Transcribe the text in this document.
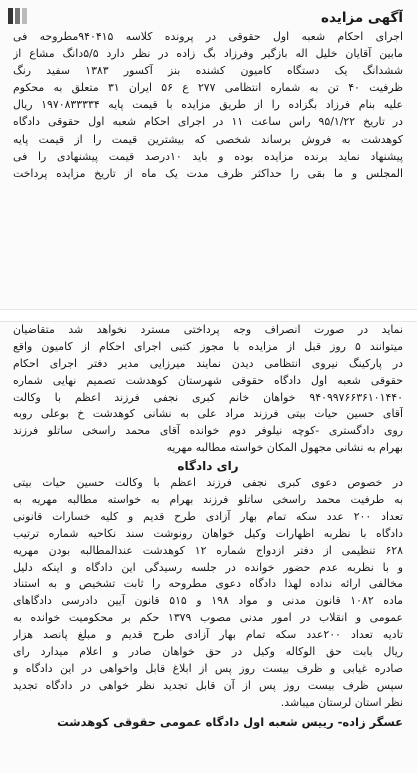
آگهی مزایده
اجرای احکام شعبه اول حقوقی در پرونده کلاسه ۹۴۰۴۱۵مطروحه فی
مابین آقایان خلیل اله بازگیر وفرزاد بگ زاده در نظر دارد ۵/۵دانگ مشاع از
ششدانگ یک دستگاه کامیون کشنده بنز آکسور ۱۳۸۳ سفید رنگ
ظرفیت ۴۰ تن به شماره انتظامی ۲۷۷ ع ۵۶ ایران ۳۱ متعلق به محکوم
علیه بنام فرزاد بگزاده را از طریق مزایده با قیمت پایه ۱۹۷۰۸۳۳۳۳۴ ریال
در تاریخ ۹۵/۱/۲۲ راس ساعت ۱۱ در اجرای احکام شعبه اول حقوقی دادگاه
کوهدشت به فروش برساند شخصی که بیشترین قیمت را از قیمت پایه
پیشنهاد نماید برنده مزایده بوده و باید ۱۰درصد قیمت پیشنهادی را فی
المجلس و ما بقی را حداکثر ظرف مدت یک ماه از تاریخ مزایده پرداخت
نماید در صورت انصراف وجه پرداختی مسترد نخواهد شد متقاضیان
میتوانند ۵ روز قبل از مزایده با مجوز کتبی اجرای احکام از کامیون واقع
در پارکینگ نیروی انتظامی دیدن نمایند میرزایی مدیر دفتر اجرای احکام
حقوقی شعبه اول دادگاه حقوقی شهرستان کوهدشت تصمیم نهایی شماره
۹۴۰۹۹۷۶۶۳۶۱۰۱۴۴۰ خواهان خانم کبری نجفی فرزند اعظم با وکالت
آقای حسین حیات بیتی فرزند مراد علی به نشانی کوهدشت خ بوعلی روبه
روی دادگستری -کوچه نیلوفر دوم خوانده آقای محمد راسخی ساتلو فرزند
بهرام به نشانی مجهول المکان خواسته مطالبه مهریه
رای دادگاه
در خصوص دعوی کبری نجفی فرزند اعظم با وکالت حسین حیات بیتی
به طرفیت محمد راسخی ساتلو فرزند بهرام به خواسته مطالبه مهریه به
تعداد ۲۰۰ عدد سکه تمام بهار آزادی طرح قدیم و کلیه خسارات قانونی
دادگاه با نظربه اظهارات وکیل خواهان رونوشت سند نکاحیه شماره ترتیب
۶۲۸ تنظیمی از دفتر ازدواج شماره ۱۲ کوهدشت عندالمطالبه بودن مهریه
و با نظربه عدم حضور خوانده در جلسه رسیدگی این دادگاه و اینکه دلیل
مخالفی ارائه نداده لهذا دادگاه دعوی مطروحه را ثابت تشخیص و به استناد
ماده ۱۰۸۲ قانون مدنی و مواد ۱۹۸ و ۵۱۵ قانون آیین دادرسی دادگاهای
عمومی و انقلاب در امور مدنی مصوب ۱۳۷۹ حکم بر محکومیت خوانده به
تادیه تعداد ۲۰۰عدد سکه تمام بهار آزادی طرح قدیم و مبلغ پانصد هزار
ریال بابت حق الوکاله وکیل در حق خواهان صادر و اعلام میدارد رای
صادره غیابی و ظرف بیست روز پس از ابلاغ قابل واخواهی در این دادگاه و
سپس ظرف بیست روز پس از آن قابل تجدید نظر خواهی در دادگاه تجدید
نظر استان لرستان میباشد.
عسگر زاده- رییس شعبه اول دادگاه عمومی حقوقی کوهدشت
